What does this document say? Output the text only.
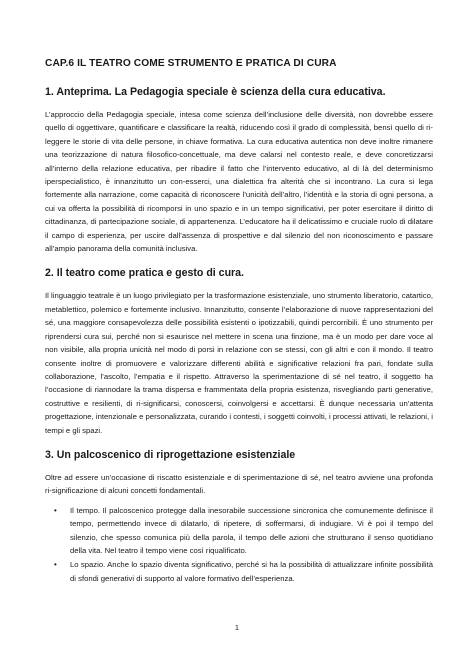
CAP.6 IL TEATRO COME STRUMENTO E PRATICA DI CURA
1. Anteprima. La Pedagogia speciale è scienza della cura educativa.
L’approccio della Pedagogia speciale, intesa come scienza dell’inclusione delle diversità, non dovrebbe essere quello di oggettivare, quantificare e classificare la realtà, riducendo così il grado di complessità, bensì quello di ri-leggere le storie di vita delle persone, in chiave formativa. La cura educativa autentica non deve inoltre rimanere una teorizzazione di natura filosofico-concettuale, ma deve calarsi nel contesto reale, e deve concretizzarsi all’interno della relazione educativa, per ribadire il fatto che l’intervento educativo, al di là del determinismo iperspecialistico, è innanzitutto un con-esserci, una dialettica fra alterità che si incontrano. La cura si lega fortemente alla narrazione, come capacità di riconoscere l’unicità dell’altro, l’identità e la storia di ogni persona, a cui va offerta la possibilità di ricomporsi in uno spazio e in un tempo significativi, per poter esercitare il diritto di cittadinanza, di partecipazione sociale, di appartenenza. L’educatore ha il delicatissimo e cruciale ruolo di dilatare il campo di esperienza, per uscire dall’assenza di prospettive e dal silenzio del non riconoscimento e passare all’ampio panorama della comunità inclusiva.
2. Il teatro come pratica e gesto di cura.
Il linguaggio teatrale è un luogo privilegiato per la trasformazione esistenziale, uno strumento liberatorio, catartico, metablettico, polemico e fortemente inclusivo. Innanzitutto, consente l’elaborazione di nuove rappresentazioni del sé, una maggiore consapevolezza delle possibilità esistenti o ipotizzabili, quindi percorribili. È uno strumento per riprendersi cura sui, perché non si esaurisce nel mettere in scena una finzione, ma è un modo per dare voce al non visibile, alla propria unicità nel modo di porsi in relazione con se stessi, con gli altri e con il mondo. Il teatro consente inoltre di promuovere e valorizzare differenti abilità e significative relazioni fra pari, fondate sulla collaborazione, l’ascolto, l’empatia e il rispetto. Attraverso la sperimentazione di sé nel teatro, il soggetto ha l’occasione di riannodare la trama dispersa e frammentata della propria esistenza, risvegliando parti generative, costruttive e resilienti, di ri-significarsi, conoscersi, coinvolgersi e accettarsi. È dunque necessaria un’attenta progettazione, intenzionale e personalizzata, curando i contesti, i soggetti coinvolti, i processi attivati, le relazioni, i tempi e gli spazi.
3. Un palcoscenico di riprogettazione esistenziale
Oltre ad essere un’occasione di riscatto esistenziale e di sperimentazione di sé, nel teatro avviene una profonda ri-significazione di alcuni concetti fondamentali.
• Il tempo. Il palcoscenico protegge dalla inesorabile successione sincronica che comunemente definisce il tempo, permettendo invece di dilatarlo, di ripetere, di soffermarsi, di indugiare. Vi è poi il tempo del silenzio, che spesso comunica più della parola, il tempo delle azioni che strutturano il senso quotidiano della vita. Nel teatro il tempo viene così riqualificato.
• Lo spazio. Anche lo spazio diventa significativo, perché si ha la possibilità di attualizzare infinite possibilità di sfondi generativi di supporto al valore formativo dell’esperienza.
1
